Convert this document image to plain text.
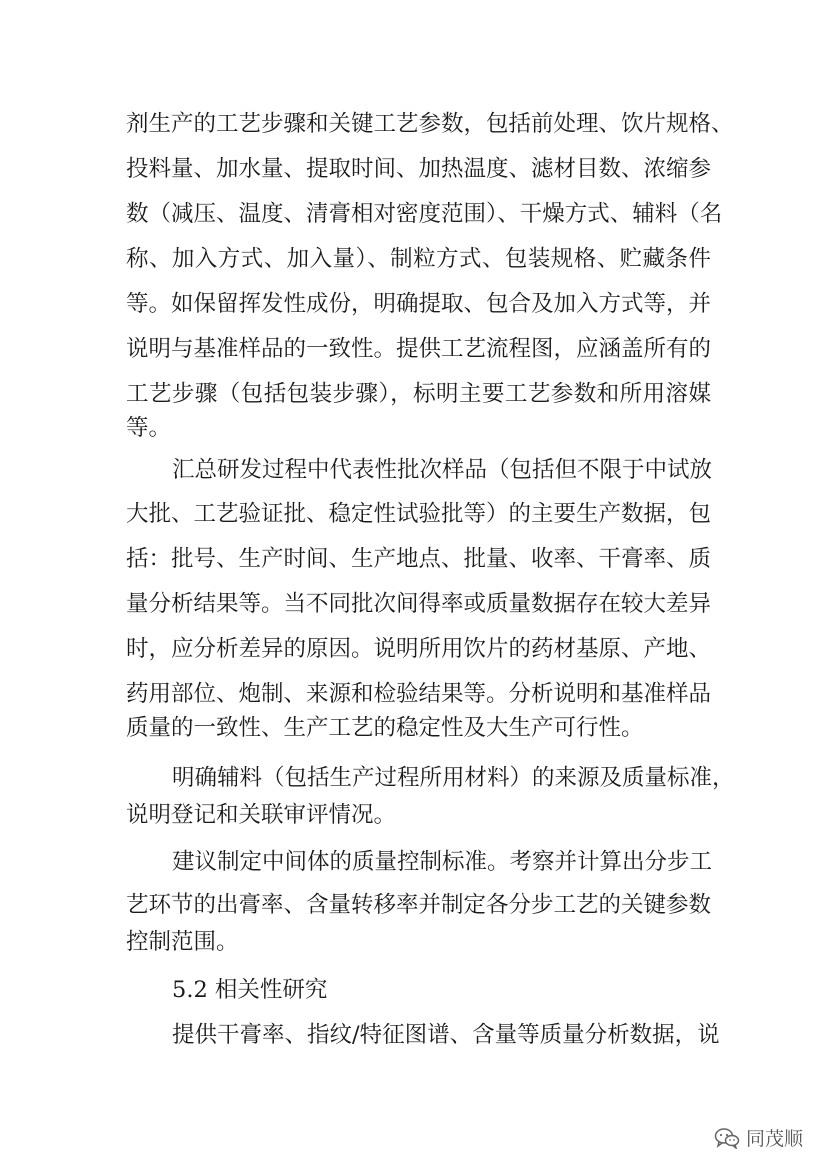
剂生产的工艺步骤和关键工艺参数，包括前处理、饮片规格、
投料量、加水量、提取时间、加热温度、滤材目数、浓缩参
数（减压、温度、清膏相对密度范围）、干燥方式、辅料（名
称、加入方式、加入量）、制粒方式、包装规格、贮藏条件
等。如保留挥发性成份，明确提取、包合及加入方式等，并
说明与基准样品的一致性。提供工艺流程图，应涵盖所有的
工艺步骤（包括包装步骤），标明主要工艺参数和所用溶媒
等。
汇总研发过程中代表性批次样品（包括但不限于中试放
大批、工艺验证批、稳定性试验批等）的主要生产数据，包
括：批号、生产时间、生产地点、批量、收率、干膏率、质
量分析结果等。当不同批次间得率或质量数据存在较大差异
时，应分析差异的原因。说明所用饮片的药材基原、产地、
药用部位、炮制、来源和检验结果等。分析说明和基准样品
质量的一致性、生产工艺的稳定性及大生产可行性。
明确辅料（包括生产过程所用材料）的来源及质量标准，
说明登记和关联审评情况。
建议制定中间体的质量控制标准。考察并计算出分步工
艺环节的出膏率、含量转移率并制定各分步工艺的关键参数
控制范围。
5.2 相关性研究
提供干膏率、指纹/特征图谱、含量等质量分析数据，说
同茂顺
